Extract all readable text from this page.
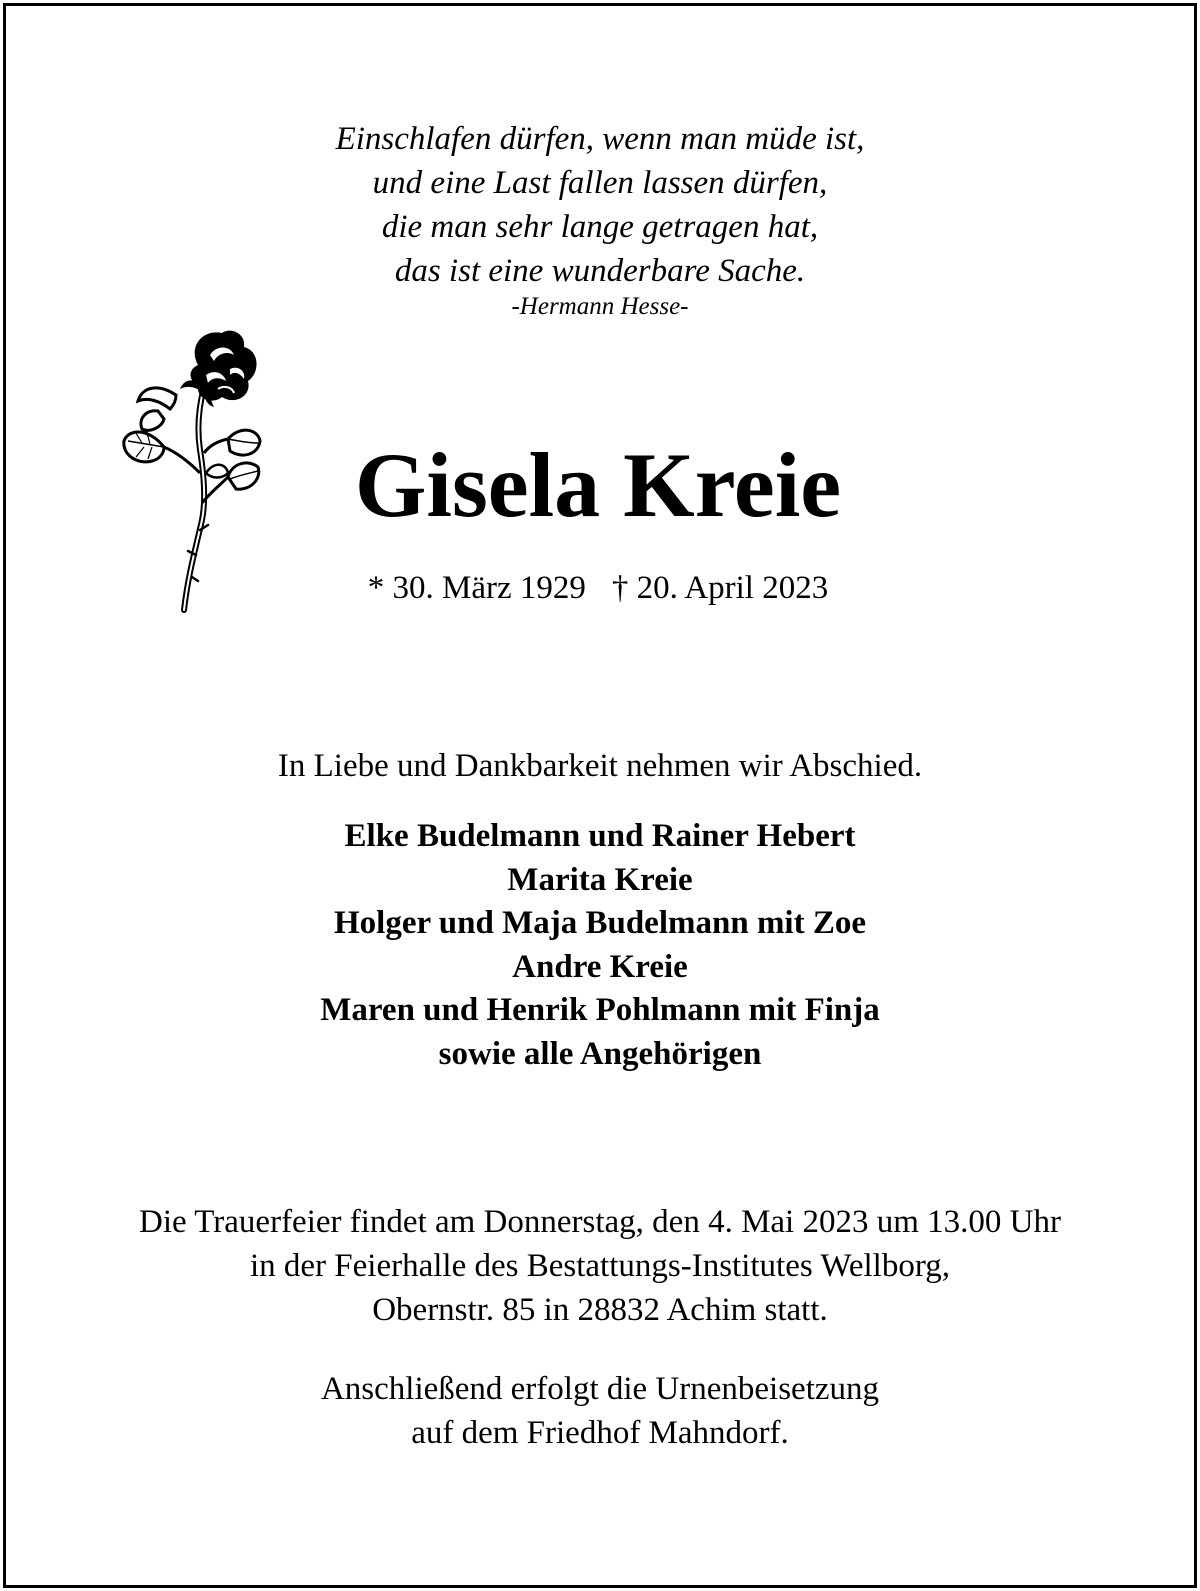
Einschlafen dürfen, wenn man müde ist,
und eine Last fallen lassen dürfen,
die man sehr lange getragen hat,
das ist eine wunderbare Sache.
-Hermann Hesse-
Gisela Kreie
* 30. März 1929 † 20. April 2023
In Liebe und Dankbarkeit nehmen wir Abschied.
Elke Budelmann und Rainer Hebert
Marita Kreie
Holger und Maja Budelmann mit Zoe
Andre Kreie
Maren und Henrik Pohlmann mit Finja
sowie alle Angehörigen
Die Trauerfeier findet am Donnerstag, den 4. Mai 2023 um 13.00 Uhr
in der Feierhalle des Bestattungs-Institutes Wellborg,
Obernstr. 85 in 28832 Achim statt.
Anschließend erfolgt die Urnenbeisetzung
auf dem Friedhof Mahndorf.
